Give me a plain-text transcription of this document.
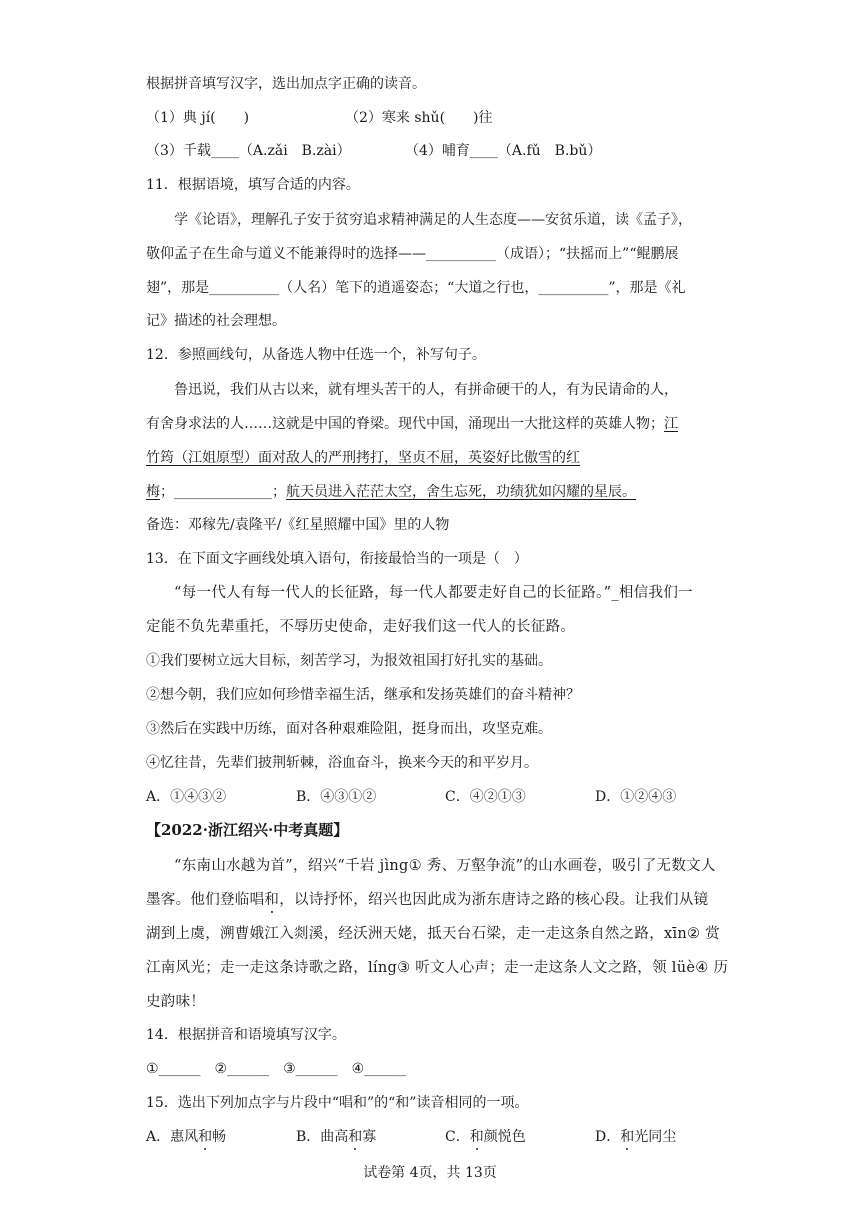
根据拼音填写汉字，选出加点字正确的读音。
（1）典 jí(　　)	（2）寒来 shǔ(　　)往
（3）千载____（A.zǎi　B.zài）	（4）哺育____（A.fǔ　B.bǔ）
11．根据语境，填写合适的内容。
学《论语》，理解孔子安于贫穷追求精神满足的人生态度——安贫乐道，读《孟子》，
敬仰孟子在生命与道义不能兼得时的选择——__________（成语）；“扶摇而上”“鲲鹏展
翅”，那是__________（人名）笔下的逍遥姿态；“大道之行也，__________”，那是《礼
记》描述的社会理想。
12．参照画线句，从备选人物中任选一个，补写句子。
鲁迅说，我们从古以来，就有埋头苦干的人，有拼命硬干的人，有为民请命的人，
有舍身求法的人……这就是中国的脊梁。现代中国，涌现出一大批这样的英雄人物；江
竹筠（江姐原型）面对敌人的严刑拷打，坚贞不屈，英姿好比傲雪的红
梅；______________；航天员进入茫茫太空，舍生忘死，功绩犹如闪耀的星辰。
备选：邓稼先/袁隆平/《红星照耀中国》里的人物
13．在下面文字画线处填入语句，衔接最恰当的一项是（　）
“每一代人有每一代人的长征路，每一代人都要走好自己的长征路。”_相信我们一
定能不负先辈重托，不辱历史使命，走好我们这一代人的长征路。
①我们要树立远大目标，刻苦学习，为报效祖国打好扎实的基础。
②想今朝，我们应如何珍惜幸福生活，继承和发扬英雄们的奋斗精神？
③然后在实践中历练，面对各种艰难险阻，挺身而出，攻坚克难。
④忆往昔，先辈们披荆斩棘，浴血奋斗，换来今天的和平岁月。
A．①④③②	B．④③①②	C．④②①③	D．①②④③
【2022·浙江绍兴·中考真题】
“东南山水越为首”，绍兴“千岩 jìng① 秀、万壑争流”的山水画卷，吸引了无数文人
墨客。他们登临唱和，以诗抒怀，绍兴也因此成为浙东唐诗之路的核心段。让我们从镜
湖到上虞，溯曹娥江入剡溪，经沃洲天姥，抵天台石梁，走一走这条自然之路，xīn② 赏
江南风光；走一走这条诗歌之路，líng③ 听文人心声；走一走这条人文之路，领 lüè④ 历
史韵味！
14．根据拼音和语境填写汉字。
①______　②______　③______　④______
15．选出下列加点字与片段中“唱和”的“和”读音相同的一项。
A．惠风和畅	B．曲高和寡	C．和颜悦色	D．和光同尘
试卷第 4页，共 13页
